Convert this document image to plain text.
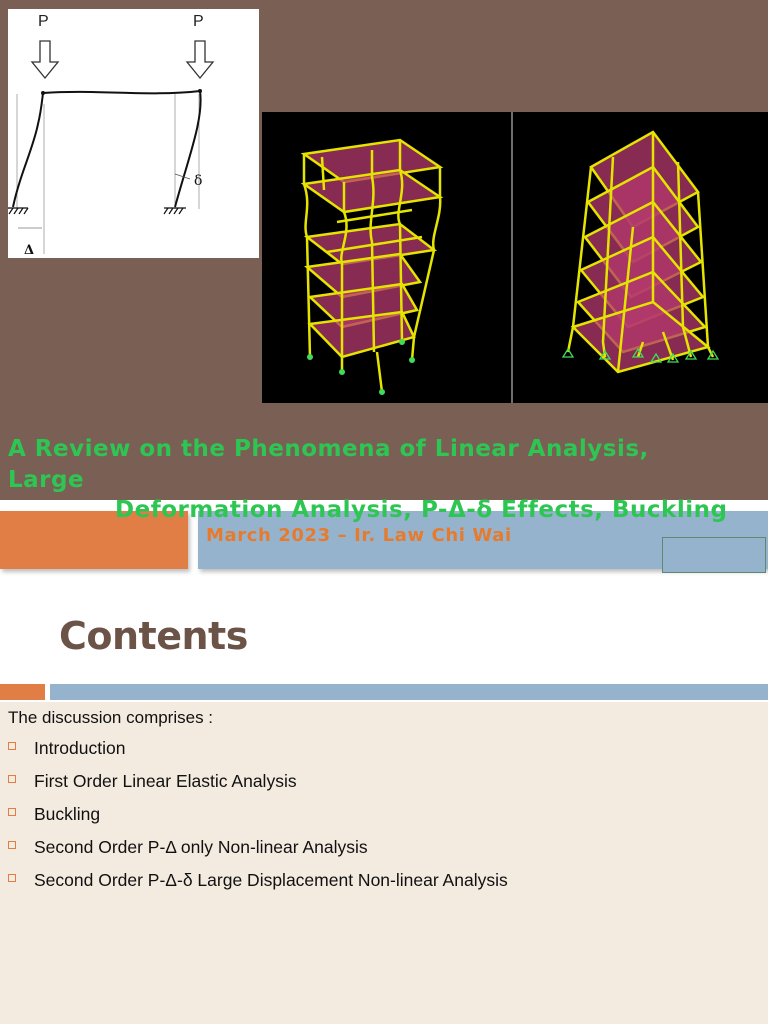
P	P
Δ
δ
A Review on the Phenomena of Linear Analysis,
Large
Deformation Analysis, P-Δ-δ Effects, Buckling
March 2023 – Ir. Law Chi Wai
Contents
The discussion comprises :
Introduction
First Order Linear Elastic Analysis
Buckling
Second Order P-Δ only Non-linear Analysis
Second Order P-Δ-δ Large Displacement Non-linear Analysis
